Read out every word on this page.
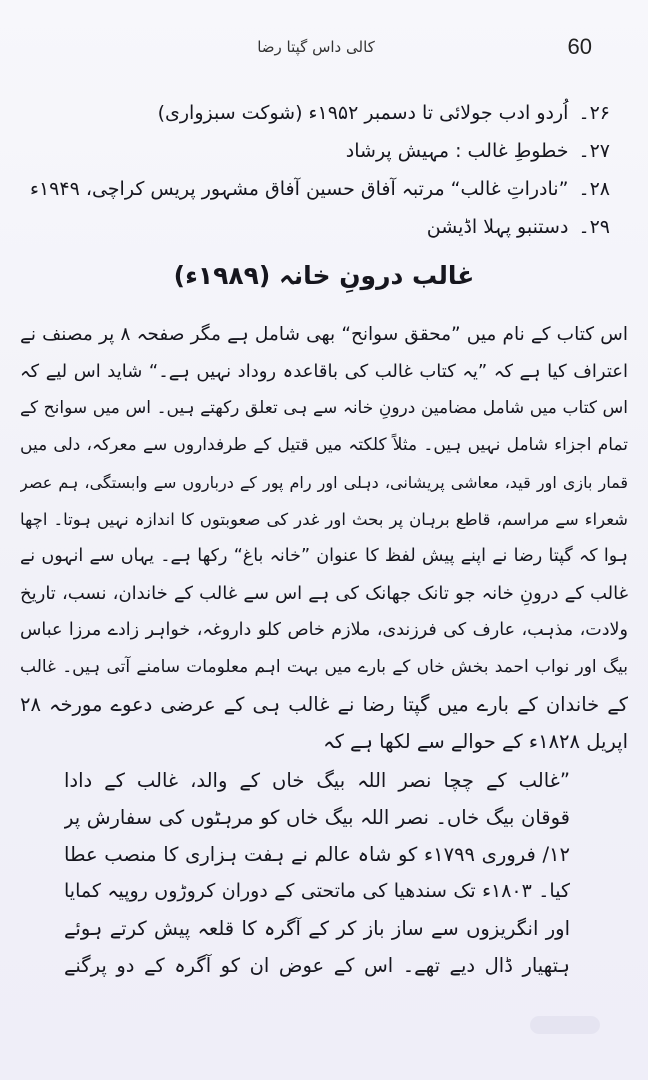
کالی داس گپتا رضا	60
۲۶۔اُردو ادب جولائی تا دسمبر ۱۹۵۲ء (شوکت سبزواری)
۲۷۔خطوطِ غالب : مہیش پرشاد
۲۸۔”نادراتِ غالب“ مرتبہ آفاق حسین آفاق مشہور پریس کراچی، ۱۹۴۹ء
۲۹۔دستنبو پہلا اڈیشن
غالب درونِ خانہ (۱۹۸۹ء)
اس کتاب کے نام میں ”محقق سوانح“ بھی شامل ہے مگر صفحہ ۸ پر مصنف نے
اعتراف کیا ہے کہ ”یہ کتاب غالب کی باقاعدہ روداد نہیں ہے۔“ شاید اس لیے کہ
اس کتاب میں شامل مضامین درونِ خانہ سے ہی تعلق رکھتے ہیں۔ اس میں سوانح کے
تمام اجزاء شامل نہیں ہیں۔ مثلاً کلکتہ میں قتیل کے طرفداروں سے معرکہ، دلی میں
قمار بازی اور قید، معاشی پریشانی، دہلی اور رام پور کے درباروں سے وابستگی، ہم عصر
شعراء سے مراسم، قاطع برہان پر بحث اور غدر کی صعوبتوں کا اندازہ نہیں ہوتا۔ اچھا
ہوا کہ گپتا رضا نے اپنے پیش لفظ کا عنوان ”خانہ باغ“ رکھا ہے۔ یہاں سے انہوں نے
غالب کے درونِ خانہ جو تانک جھانک کی ہے اس سے غالب کے خاندان، نسب، تاریخ
ولادت، مذہب، عارف کی فرزندی، ملازم خاص کلو داروغہ، خواہر زادے مرزا عباس
بیگ اور نواب احمد بخش خاں کے بارے میں بہت اہم معلومات سامنے آتی ہیں۔ غالب
کے خاندان کے بارے میں گپتا رضا نے غالب ہی کے عرضی دعوے مورخہ ۲۸
اپریل ۱۸۲۸ء کے حوالے سے لکھا ہے کہ
”غالب کے چچا نصر اللہ بیگ خاں کے والد، غالب کے دادا
قوقان بیگ خاں۔ نصر اللہ بیگ خاں کو مرہٹوں کی سفارش پر
۱۲/ فروری ۱۷۹۹ء کو شاہ عالم نے ہفت ہزاری کا منصب عطا
کیا۔ ۱۸۰۳ء تک سندھیا کی ماتحتی کے دوران کروڑوں روپیہ کمایا
اور انگریزوں سے ساز باز کر کے آگرہ کا قلعہ پیش کرتے ہوئے
ہتھیار ڈال دیے تھے۔ اس کے عوض ان کو آگرہ کے دو پرگنے
